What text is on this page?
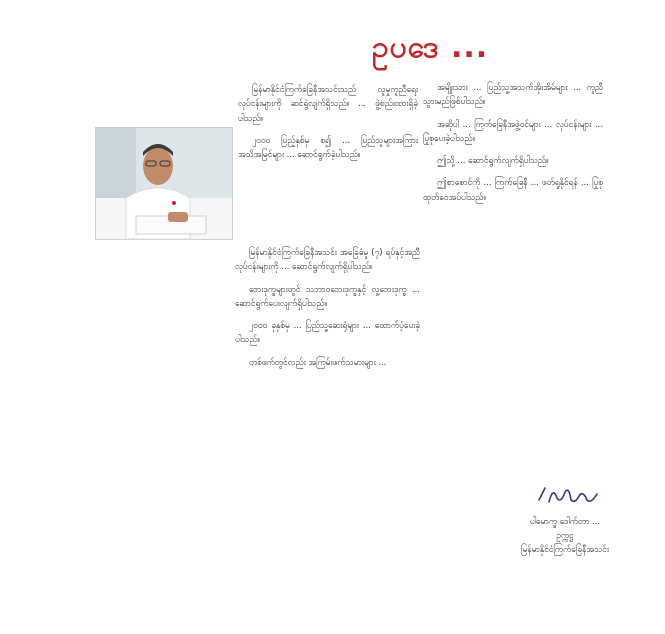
ဥပဒေ ...

မြန်မာနိုင်ငံကြက်ခြေနီအသင်းသည် လူမှုကူညီရေးလုပ်ငန်းများကို ဆင်ရွဲလျက်ရှိသည်။ ... ဖွဲ့စည်းထားရှိခဲ့ပါသည်။

၂၀၀၀ ပြည့်နှစ်မှ စ၍ ... ပြည်သူများအကြား အသိအမြင်များ ... ဆောင်ရွက်ခဲ့ပါသည်။

မြန်မာနိုင်ငံကြက်ခြေနီအသင်း အခြေခံမူ (၇) ရပ်နှင့်အညီ လုပ်ငန်းများကို ... ဆောင်ရွက်လျက်ရှိပါသည်။

ဘေးဒုက္ခများတွင် သဘာဝဘေးဒုက္ခနှင့် လူ့ဘေးဒုက္ခ ... ဆောင်ရွက်ပေးလျက်ရှိပါသည်။

၂၀၀၀ ခုနှစ်မှ ... ပြည်သူ့ဆေးရုံများ ... ထောက်ပံ့ပေးခဲ့ပါသည်။

တစ်ဖက်တွင်လည်း အကြမ်းဖက်သမားများ ...

အမျိုးသား ... ပြည်သူ့အသက်အိုးအိမ်များ ... ကူညီသွားမည်ဖြစ်ပါသည်။

အဆိုပါ ... ကြက်ခြေနီအဖွဲ့ဝင်များ ... လုပ်ငန်းများ ... ပြုစုပေးခဲ့ပါသည်။

ဤသို့ ... ဆောင်ရွက်လျက်ရှိပါသည်။

ဤစာစောင်ကို ... ကြက်ခြေနီ ... ဖတ်ရှုနိုင်ရန် ... ပြုစုထုတ်ဝေအပ်ပါသည်။

ပါမောက္ခ ဒေါက်တာ ...
ဥက္ကဋ္ဌ
မြန်မာနိုင်ငံကြက်ခြေနီအသင်း
